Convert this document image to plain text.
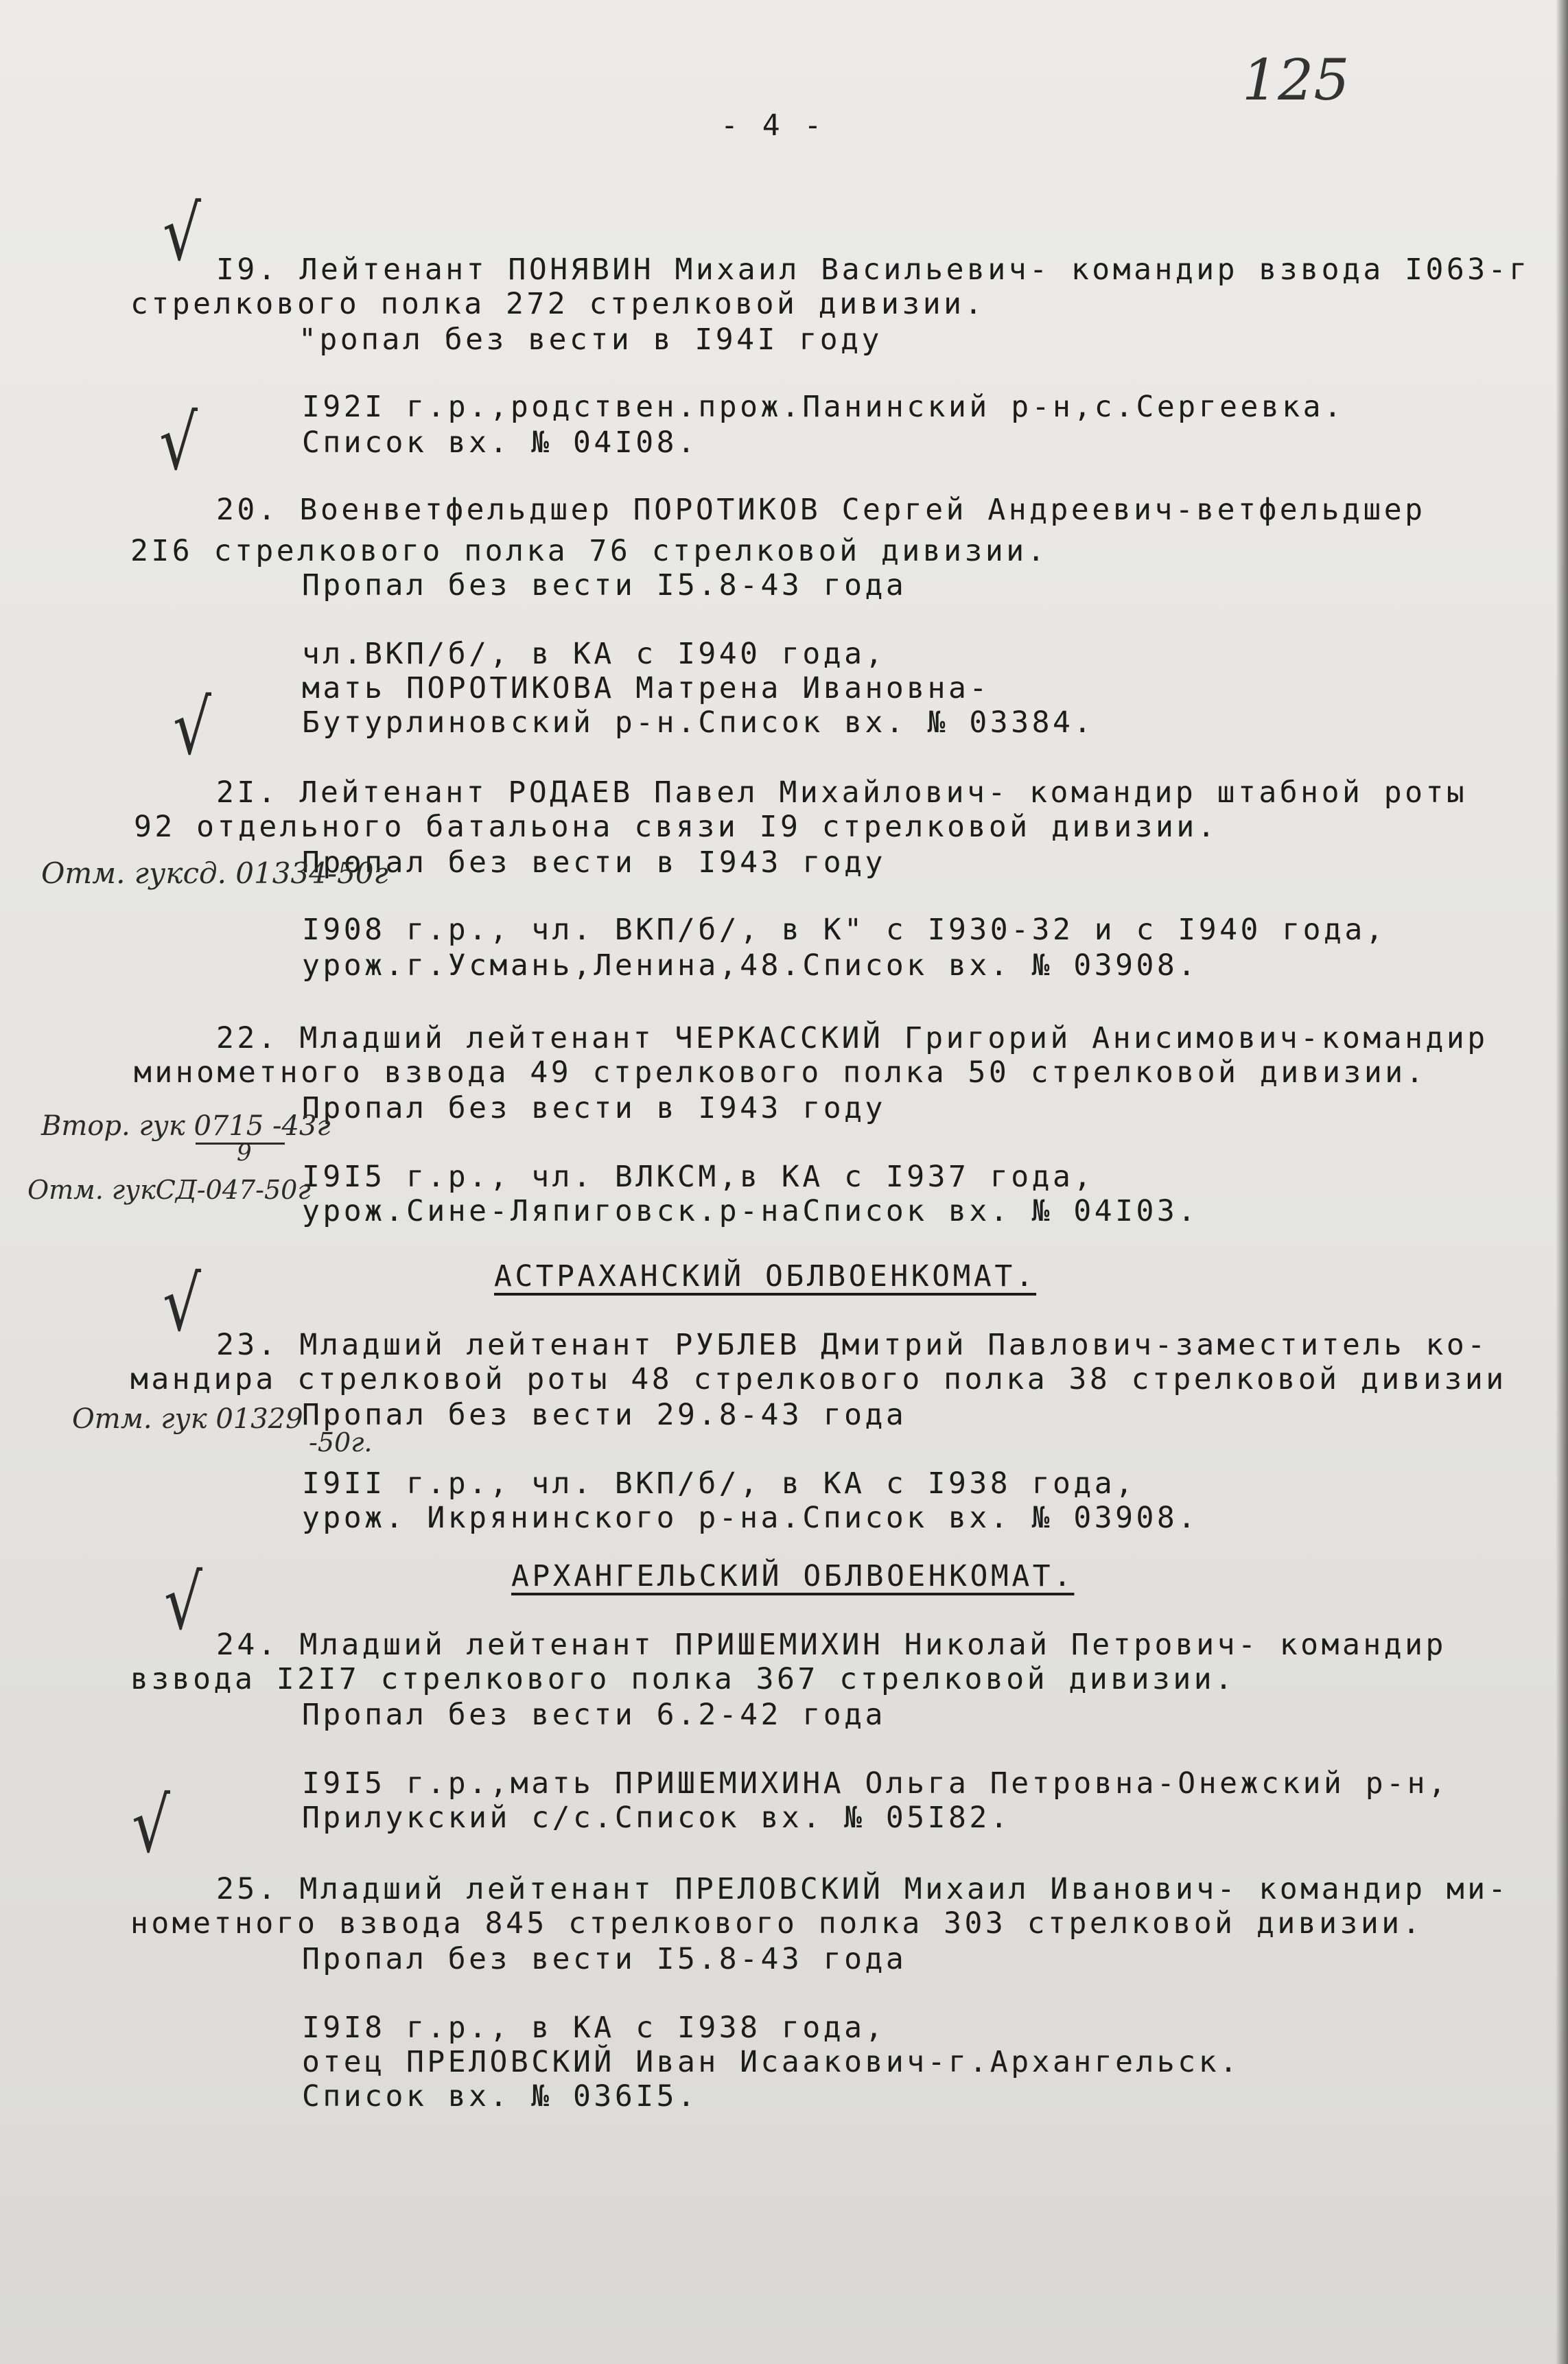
125
- 4 -
√
√
√
√
√
√
I9. Лейтенант ПОНЯВИН Михаил Васильевич- командир взвода I063-г
стрелкового полка 272 стрелковой дивизии.
"ропал без вести в I94I году
I92I г.р.,родствен.прож.Панинский р-н,с.Сергеевка.
Список вх. № 04I08.
20. Военветфельдшер ПОРОТИКОВ Сергей Андреевич-ветфельдшер
2I6 стрелкового полка 76 стрелковой дивизии.
Пропал без вести I5.8-43 года
чл.ВКП/б/, в КА с I940 года,
мать ПОРОТИКОВА Матрена Ивановна-
Бутурлиновский р-н.Список вх. № 03384.
2I. Лейтенант РОДАЕВ Павел Михайлович- командир штабной роты
92 отдельного батальона связи I9 стрелковой дивизии.
Пропал без вести в I943 году
I908 г.р., чл. ВКП/б/, в К" с I930-32 и с I940 года,
урож.г.Усмань,Ленина,48.Список вх. № 03908.
Отм. гуксд. 01334-50г
22. Младший лейтенант ЧЕРКАССКИЙ Григорий Анисимович-командир
минометного взвода 49 стрелкового полка 50 стрелковой дивизии.
Пропал без вести в I943 году
I9I5 г.р., чл. ВЛКСМ,в КА с I937 года,
урож.Сине-Ляпиговск.р-наСписок вх. № 04I03.
Втор. гук 0715 -43г
9
Отм. гукСД-047-50г
АСТРАХАНСКИЙ ОБЛВОЕНКОМАТ.
23. Младший лейтенант РУБЛЕВ Дмитрий Павлович-заместитель ко-
мандира стрелковой роты 48 стрелкового полка 38 стрелковой дивизии
Пропал без вести 29.8-43 года
I9II г.р., чл. ВКП/б/, в КА с I938 года,
урож. Икрянинского р-на.Список вх. № 03908.
Отм. гук 01329
-50г.
АРХАНГЕЛЬСКИЙ ОБЛВОЕНКОМАТ.
24. Младший лейтенант ПРИШЕМИХИН Николай Петрович- командир
взвода I2I7 стрелкового полка 367 стрелковой дивизии.
Пропал без вести 6.2-42 года
I9I5 г.р.,мать ПРИШЕМИХИНА Ольга Петровна-Онежский р-н,
Прилукский с/с.Список вх. № 05I82.
25. Младший лейтенант ПРЕЛОВСКИЙ Михаил Иванович- командир ми-
нометного взвода 845 стрелкового полка 303 стрелковой дивизии.
Пропал без вести I5.8-43 года
I9I8 г.р., в КА с I938 года,
отец ПРЕЛОВСКИЙ Иван Исаакович-г.Архангельск.
Список вх. № 036I5.
